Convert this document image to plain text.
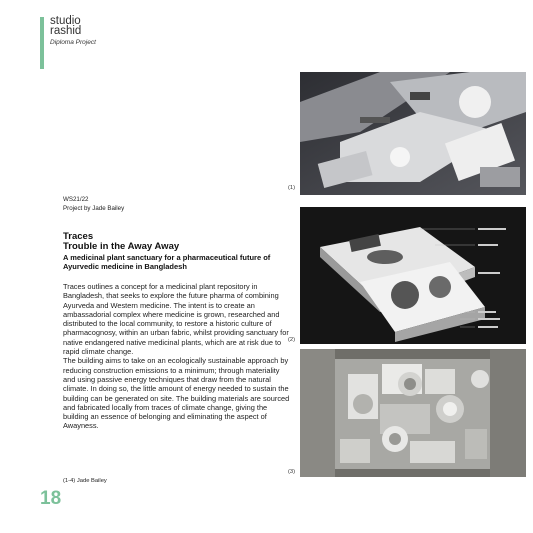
studio
rashid
Diploma Project
WS21/22
Project by Jade Bailey
Traces
Trouble in the Away Away
A medicinal plant sanctuary for a pharmaceutical future of Ayurvedic medicine in Bangladesh

Traces outlines a concept for a medicinal plant repository in Bangladesh, that seeks to explore the future pharma of combining Ayurveda and Western medicine. The intent is to create an ambassadorial complex where medicine is grown, researched and distributed to the local community, to restore a historic culture of pharmacognosy, within an urban fabric, whilst providing sanctuary for native endangered native medicinal plants, which are at risk due to rapid climate change.

The building aims to take on an ecologically sustainable approach by reducing construction emissions to a minimum; through materiality and using passive energy techniques that draw from the natural climate. In doing so, the little amount of energy needed to sustain the building can be generated on site. The building materials are sourced and fabricated locally from traces of climate change, giving the building an essence of belonging and eliminating the aspect of Awayness.

(1-4) Jade Bailey
18
(1)
(2)
(3)
